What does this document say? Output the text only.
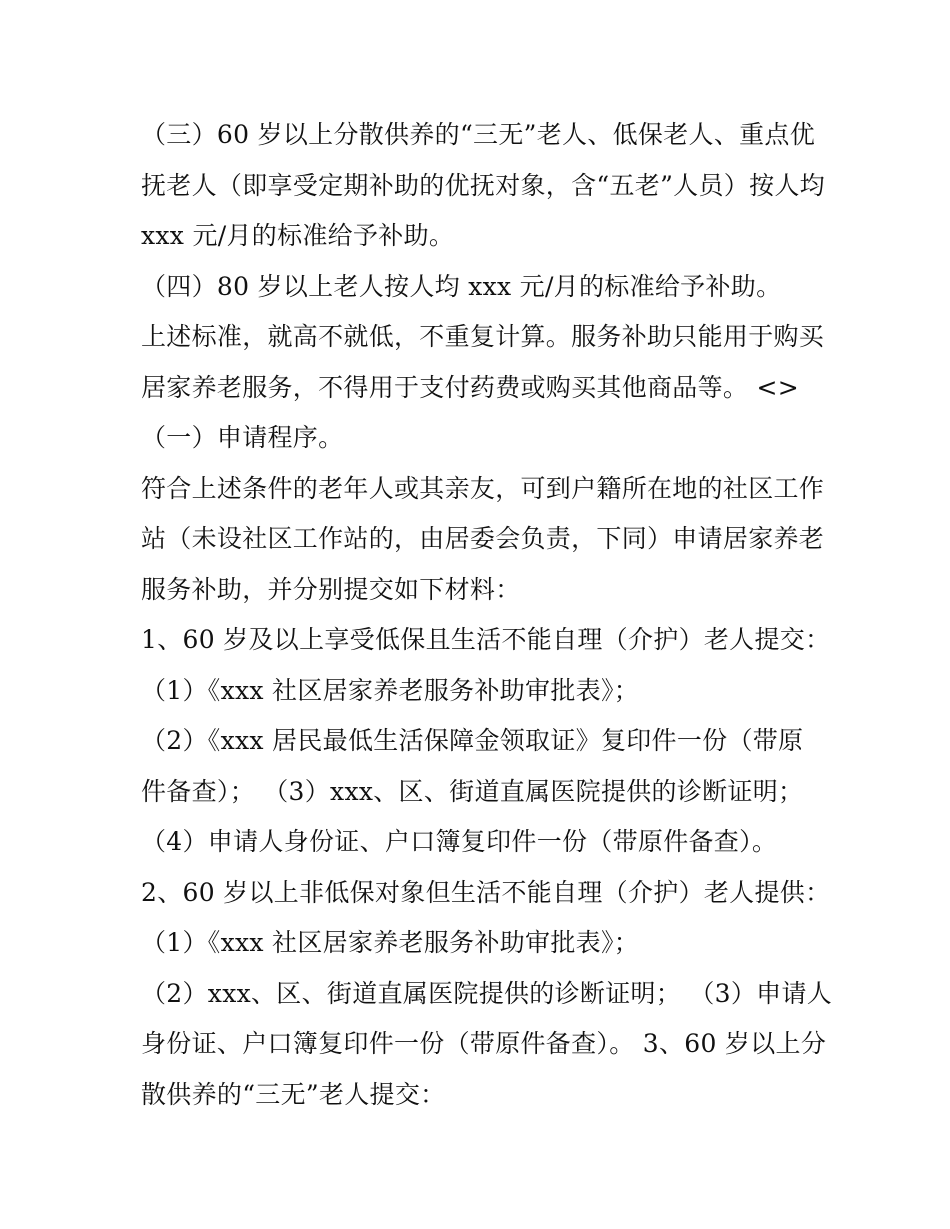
（三）60 岁以上分散供养的“三无”老人、低保老人、重点优
抚老人（即享受定期补助的优抚对象，含“五老”人员）按人均
xxx 元/月的标准给予补助。
（四）80 岁以上老人按人均 xxx 元/月的标准给予补助。
上述标准，就高不就低，不重复计算。服务补助只能用于购买
居家养老服务，不得用于支付药费或购买其他商品等。 <>
（一）申请程序。
符合上述条件的老年人或其亲友，可到户籍所在地的社区工作
站（未设社区工作站的，由居委会负责，下同）申请居家养老
服务补助，并分别提交如下材料：
1、60 岁及以上享受低保且生活不能自理（介护）老人提交：
（1）《xxx 社区居家养老服务补助审批表》；
（2）《xxx 居民最低生活保障金领取证》复印件一份（带原
件备查）； （3）xxx、区、街道直属医院提供的诊断证明；
（4）申请人身份证、户口簿复印件一份（带原件备查）。
2、60 岁以上非低保对象但生活不能自理（介护）老人提供：
（1）《xxx 社区居家养老服务补助审批表》；
（2）xxx、区、街道直属医院提供的诊断证明； （3）申请人
身份证、户口簿复印件一份（带原件备查）。 3、60 岁以上分
散供养的“三无”老人提交：
